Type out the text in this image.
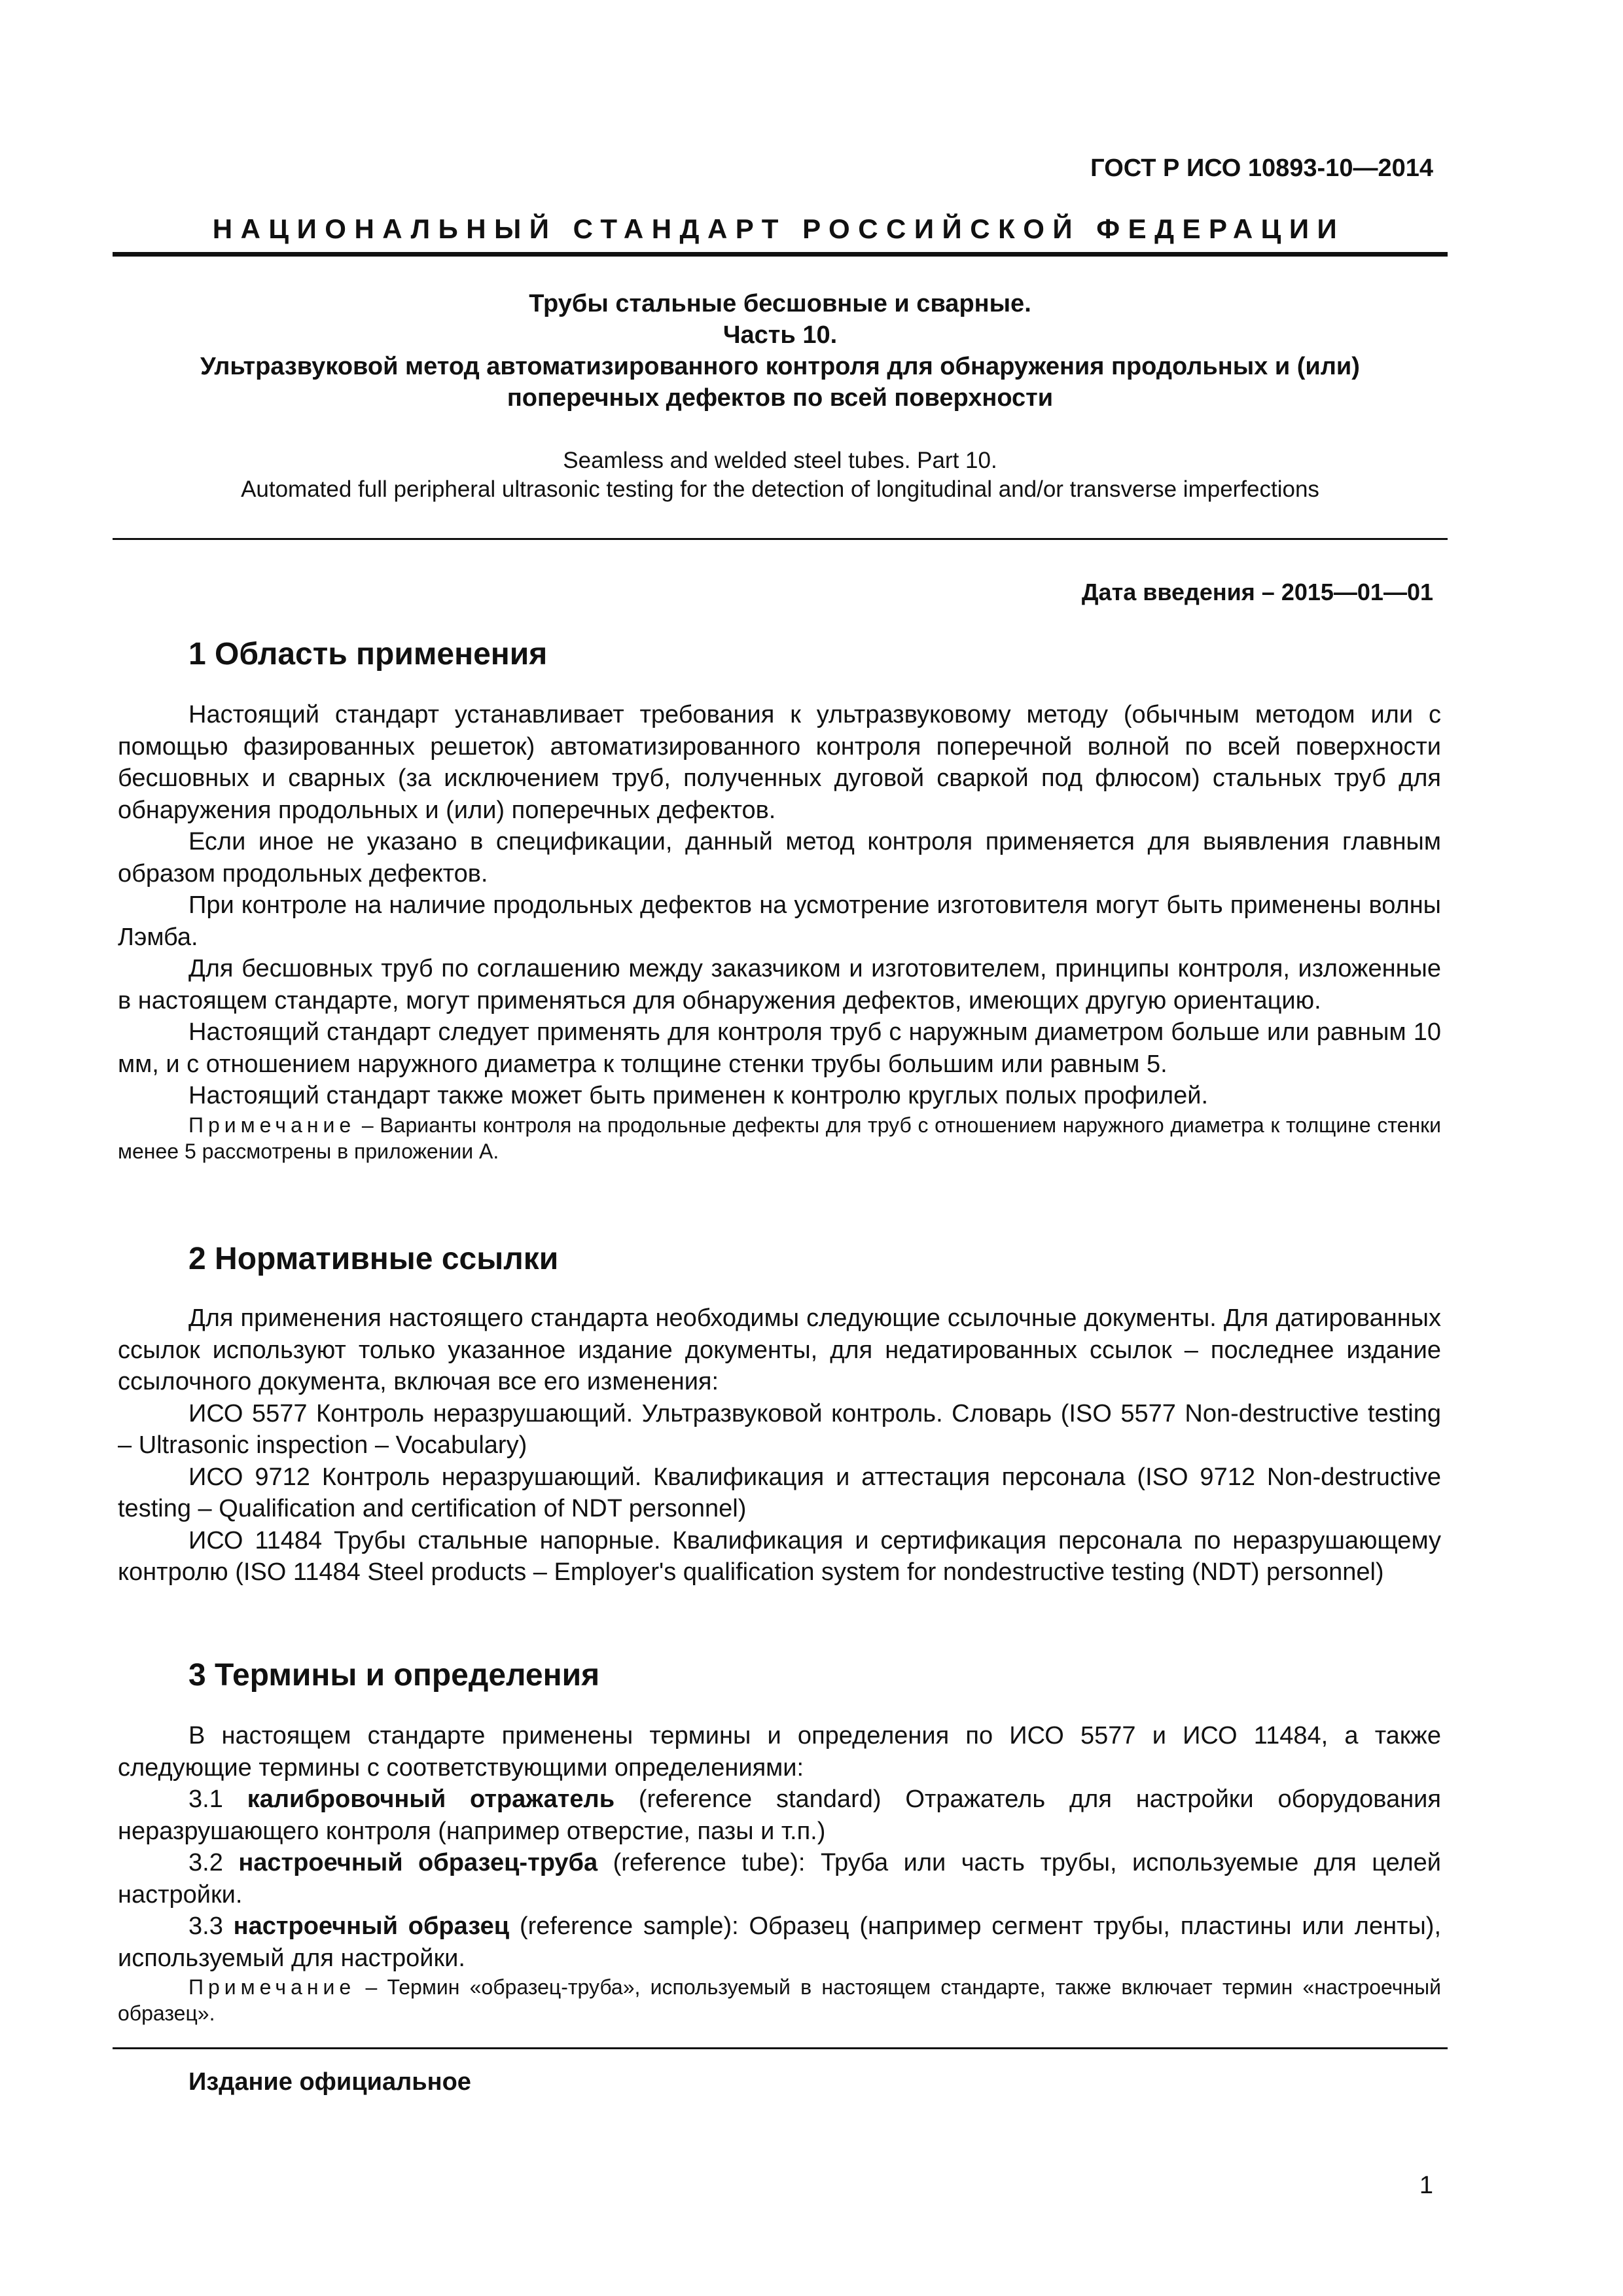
ГОСТ Р ИСО 10893-10—2014
НАЦИОНАЛЬНЫЙ СТАНДАРТ РОССИЙСКОЙ ФЕДЕРАЦИИ
Трубы стальные бесшовные и сварные.
Часть 10.
Ультразвуковой метод автоматизированного контроля для обнаружения продольных и (или)
поперечных дефектов по всей поверхности
Seamless and welded steel tubes. Part 10.
Automated full peripheral ultrasonic testing for the detection of longitudinal and/or transverse imperfections
Дата введения – 2015—01—01
1 Область применения

Настоящий стандарт устанавливает требования к ультразвуковому методу (обычным методом или с помощью фазированных решеток) автоматизированного контроля поперечной волной по всей поверхности бесшовных и сварных (за исключением труб, полученных дуговой сваркой под флюсом) стальных труб для обнаружения продольных и (или) поперечных дефектов.

Если иное не указано в спецификации, данный метод контроля применяется для выявления главным образом продольных дефектов.

При контроле на наличие продольных дефектов на усмотрение изготовителя могут быть применены волны Лэмба.

Для бесшовных труб по соглашению между заказчиком и изготовителем, принципы контроля, изложенные в настоящем стандарте, могут применяться для обнаружения дефектов, имеющих другую ориентацию.

Настоящий стандарт следует применять для контроля труб с наружным диаметром больше или равным 10 мм, и с отношением наружного диаметра к толщине стенки трубы большим или равным 5.

Настоящий стандарт также может быть применен к контролю круглых полых профилей.

Примечание – Варианты контроля на продольные дефекты для труб с отношением наружного диаметра к толщине стенки менее 5 рассмотрены в приложении А.

2 Нормативные ссылки

Для применения настоящего стандарта необходимы следующие ссылочные документы. Для датированных ссылок используют только указанное издание документы, для недатированных ссылок – последнее издание ссылочного документа, включая все его изменения:

ИСО 5577 Контроль неразрушающий. Ультразвуковой контроль. Словарь (ISO 5577 Non-destructive testing – Ultrasonic inspection – Vocabulary)

ИСО 9712 Контроль неразрушающий. Квалификация и аттестация персонала (ISO 9712 Non-destructive testing – Qualification and certification of NDT personnel)

ИСО 11484 Трубы стальные напорные. Квалификация и сертификация персонала по неразрушающему контролю (ISO 11484 Steel products – Employer's qualification system for nondestructive testing (NDT) personnel)

3 Термины и определения

В настоящем стандарте применены термины и определения по ИСО 5577 и ИСО 11484, а также следующие термины с соответствующими определениями:

3.1 калибровочный отражатель (reference standard) Отражатель для настройки оборудования неразрушающего контроля (например отверстие, пазы и т.п.)

3.2 настроечный образец-труба (reference tube): Труба или часть трубы, используемые для целей настройки.

3.3 настроечный образец (reference sample): Образец (например сегмент трубы, пластины или ленты), используемый для настройки.

Примечание – Термин «образец-труба», используемый в настоящем стандарте, также включает термин «настроечный образец».

Издание официальное
1
